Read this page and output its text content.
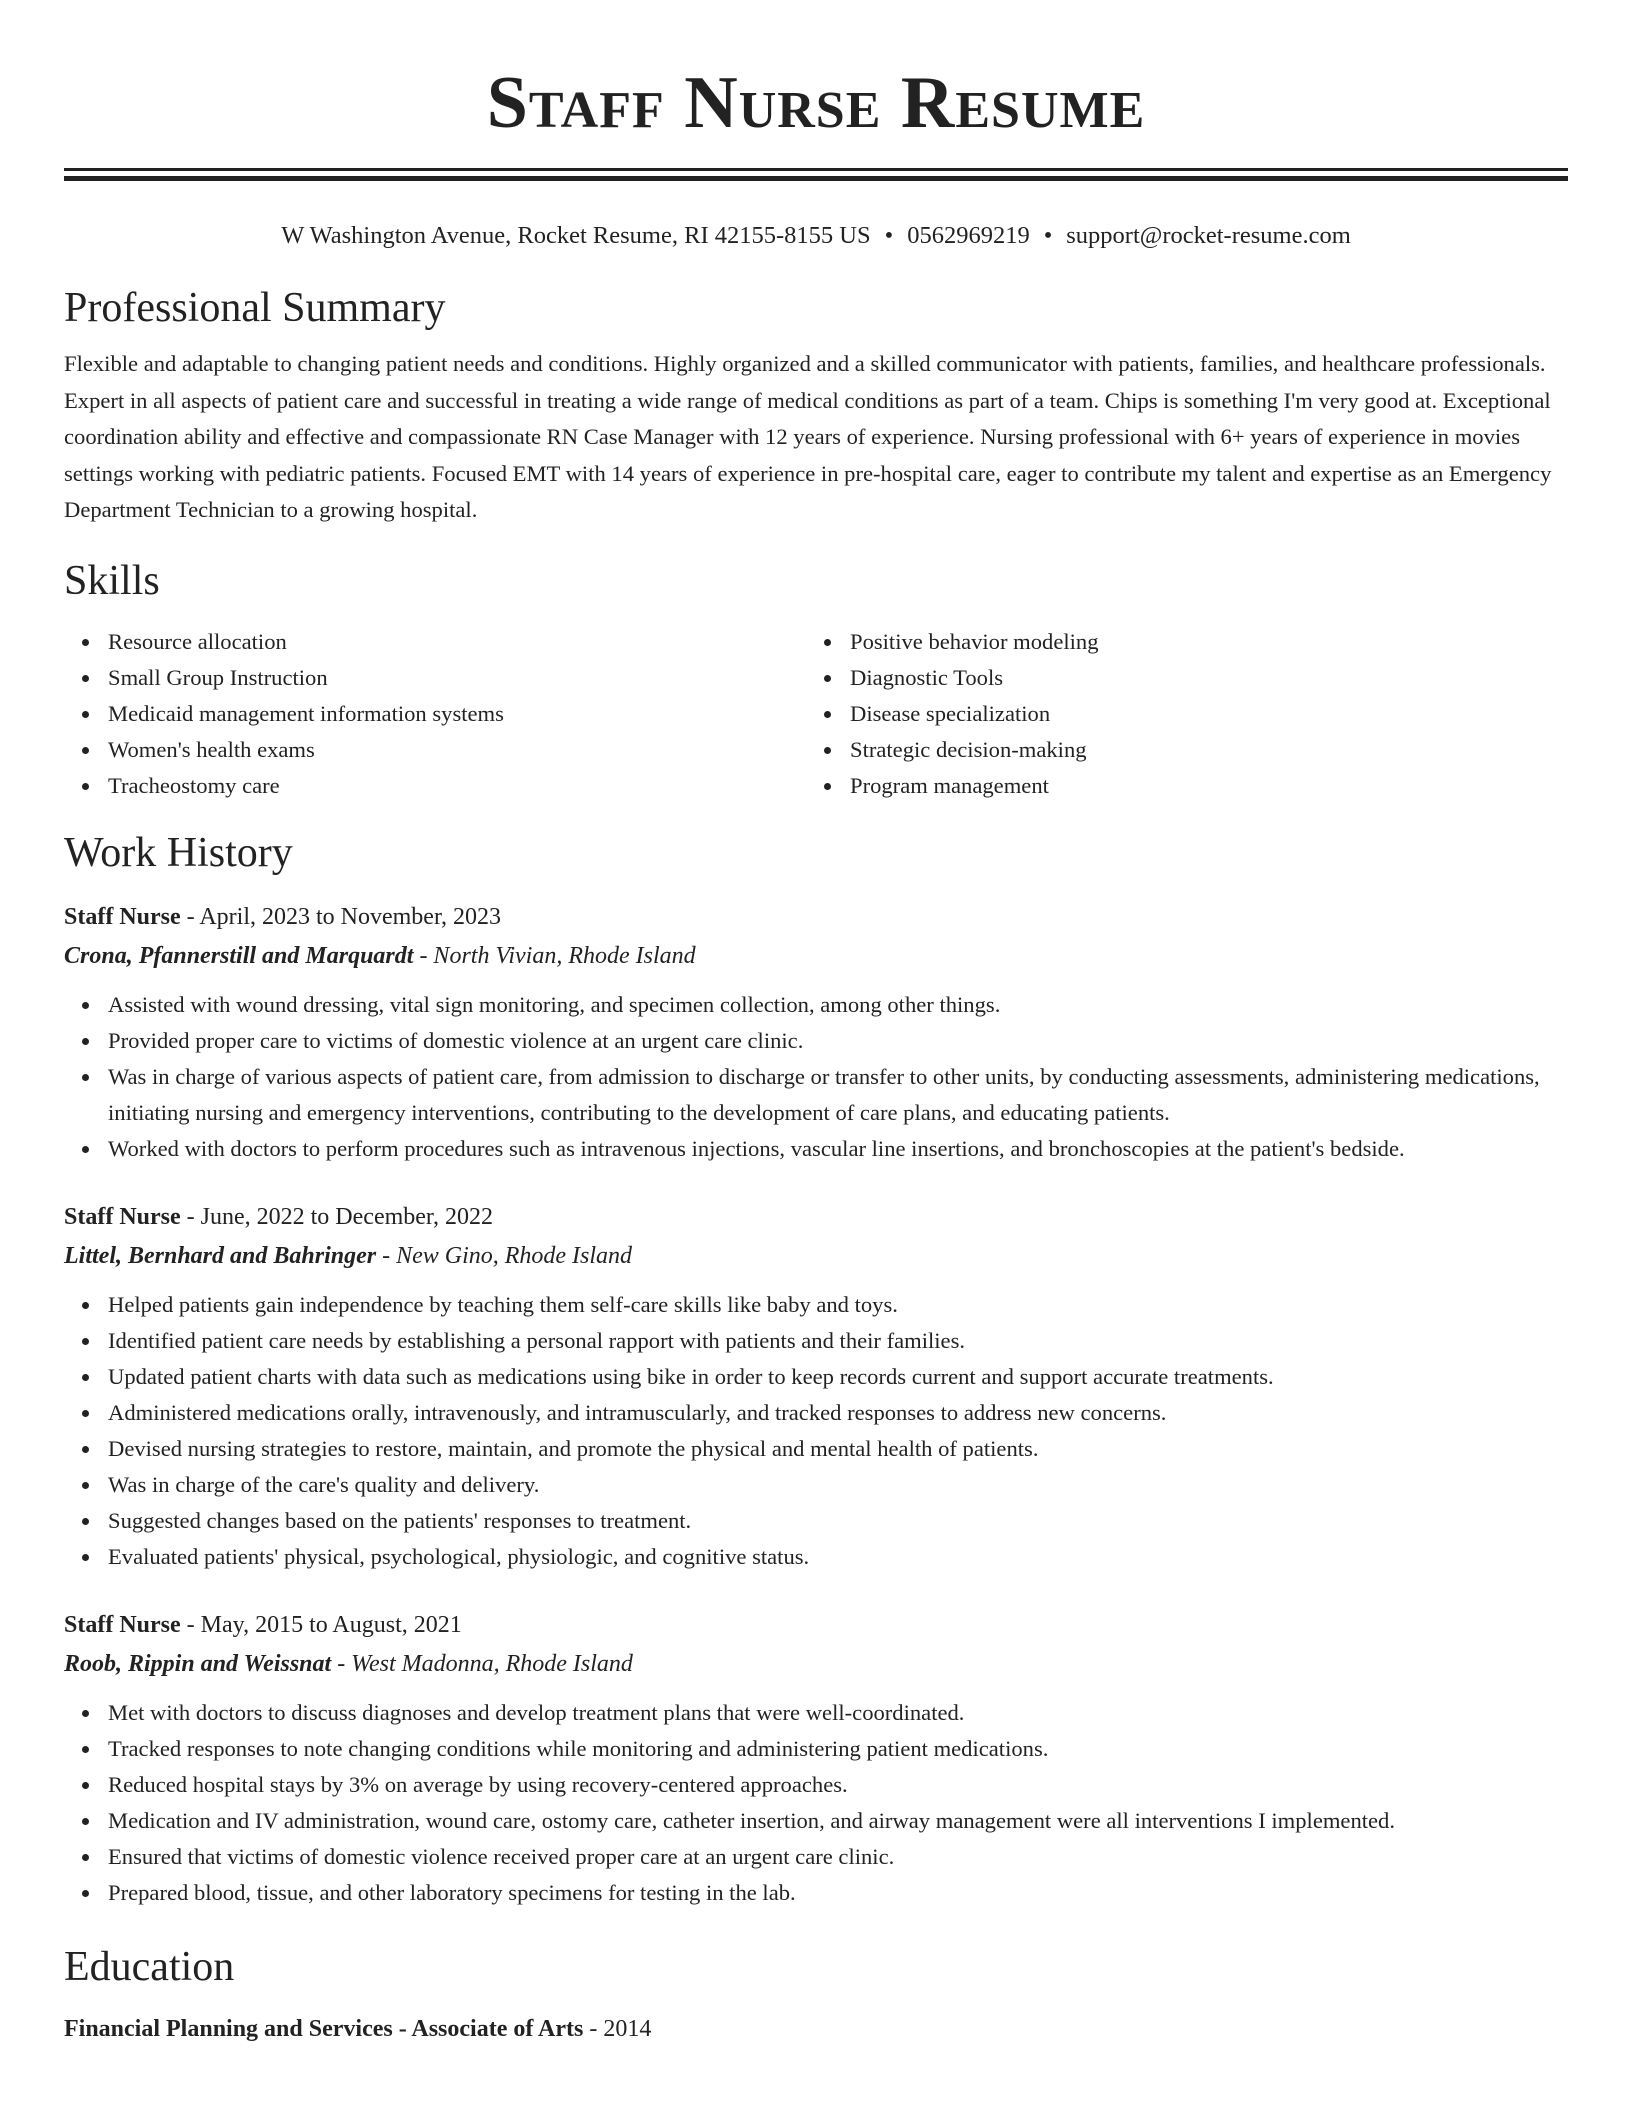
Staff Nurse Resume
W Washington Avenue, Rocket Resume, RI 42155-8155 US • 0562969219 • support@rocket-resume.com
Professional Summary
Flexible and adaptable to changing patient needs and conditions. Highly organized and a skilled communicator with patients, families, and healthcare professionals. Expert in all aspects of patient care and successful in treating a wide range of medical conditions as part of a team. Chips is something I'm very good at. Exceptional coordination ability and effective and compassionate RN Case Manager with 12 years of experience. Nursing professional with 6+ years of experience in movies settings working with pediatric patients. Focused EMT with 14 years of experience in pre-hospital care, eager to contribute my talent and expertise as an Emergency Department Technician to a growing hospital.
Skills
Resource allocation
Small Group Instruction
Medicaid management information systems
Women's health exams
Tracheostomy care
Positive behavior modeling
Diagnostic Tools
Disease specialization
Strategic decision-making
Program management
Work History
Staff Nurse - April, 2023 to November, 2023
Crona, Pfannerstill and Marquardt - North Vivian, Rhode Island
Assisted with wound dressing, vital sign monitoring, and specimen collection, among other things.
Provided proper care to victims of domestic violence at an urgent care clinic.
Was in charge of various aspects of patient care, from admission to discharge or transfer to other units, by conducting assessments, administering medications, initiating nursing and emergency interventions, contributing to the development of care plans, and educating patients.
Worked with doctors to perform procedures such as intravenous injections, vascular line insertions, and bronchoscopies at the patient's bedside.
Staff Nurse - June, 2022 to December, 2022
Littel, Bernhard and Bahringer - New Gino, Rhode Island
Helped patients gain independence by teaching them self-care skills like baby and toys.
Identified patient care needs by establishing a personal rapport with patients and their families.
Updated patient charts with data such as medications using bike in order to keep records current and support accurate treatments.
Administered medications orally, intravenously, and intramuscularly, and tracked responses to address new concerns.
Devised nursing strategies to restore, maintain, and promote the physical and mental health of patients.
Was in charge of the care's quality and delivery.
Suggested changes based on the patients' responses to treatment.
Evaluated patients' physical, psychological, physiologic, and cognitive status.
Staff Nurse - May, 2015 to August, 2021
Roob, Rippin and Weissnat - West Madonna, Rhode Island
Met with doctors to discuss diagnoses and develop treatment plans that were well-coordinated.
Tracked responses to note changing conditions while monitoring and administering patient medications.
Reduced hospital stays by 3% on average by using recovery-centered approaches.
Medication and IV administration, wound care, ostomy care, catheter insertion, and airway management were all interventions I implemented.
Ensured that victims of domestic violence received proper care at an urgent care clinic.
Prepared blood, tissue, and other laboratory specimens for testing in the lab.
Education
Financial Planning and Services - Associate of Arts - 2014
